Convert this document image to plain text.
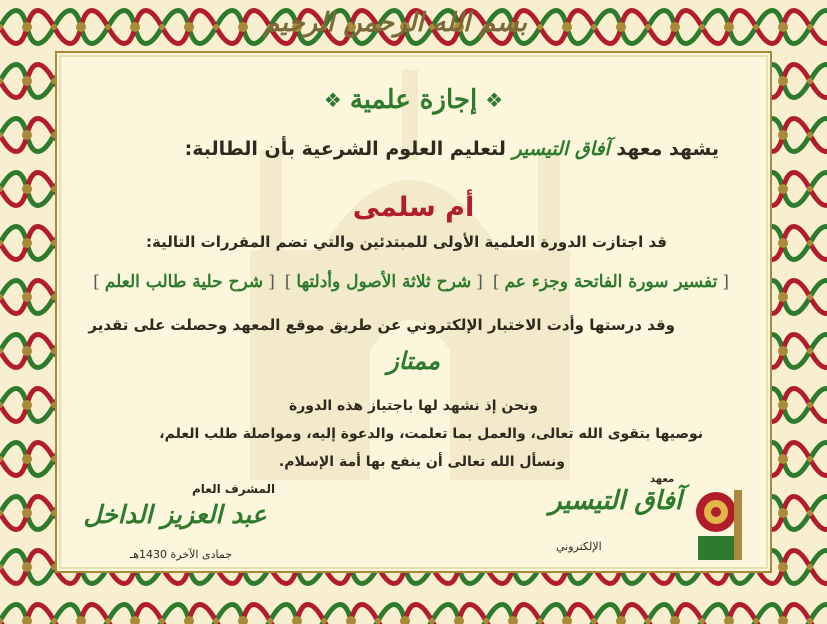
بسم الله الرحمن الرحيم
❖
إجازة علمية
❖
يشهد معهد آفاق التيسير لتعليم العلوم الشرعية بأن الطالبة:
أم سلمى
قد اجتازت الدورة العلمية الأولى للمبتدئين والتي تضم المقررات التالية:
[تفسير سورة الفاتحة وجزء عم] [شرح ثلاثة الأصول وأدلتها] [شرح حلية طالب العلم]
وقد درستها وأدت الاختبار الإلكتروني عن طريق موقع المعهد وحصلت على تقدير
ممتاز
ونحن إذ نشهد لها باجتياز هذه الدورة
نوصيها بتقوى الله تعالى، والعمل بما تعلمت، والدعوة إليه، ومواصلة طلب العلم،
ونسأل الله تعالى أن ينفع بها أمة الإسلام.
المشرف العام
عبد العزيز الداخل
جمادى الآخرة 1430هـ
معهد
آفاق التيسير
الإلكتروني
